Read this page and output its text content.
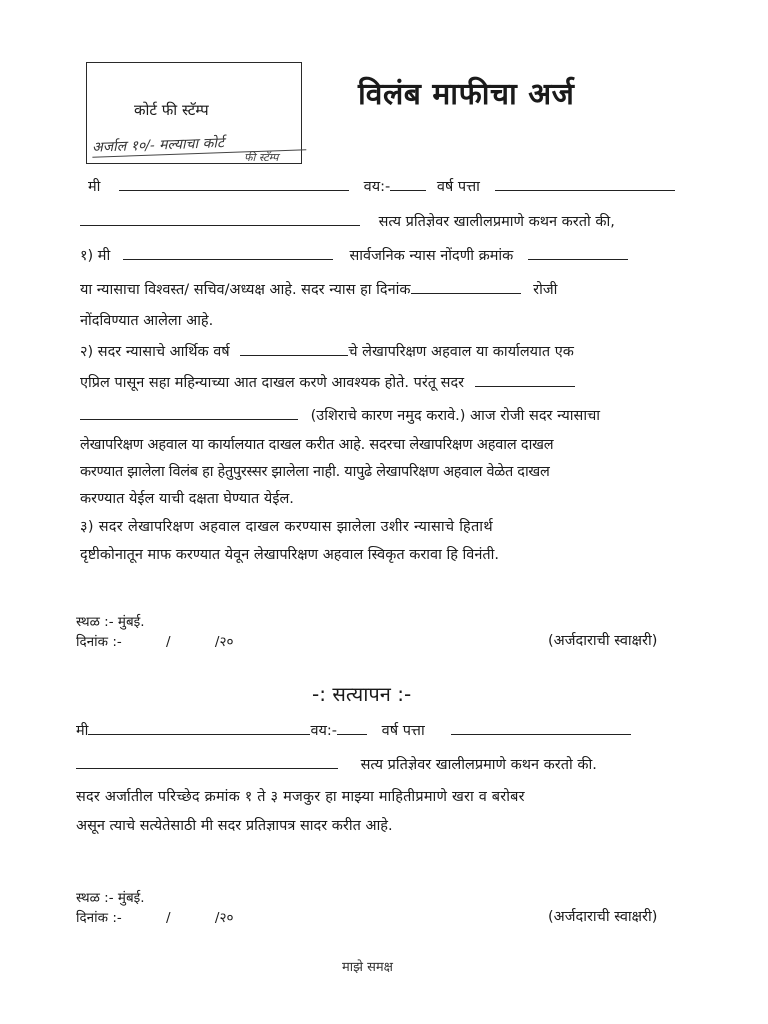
कोर्ट फी स्टॅम्प
अर्जाल १०/- मल्याचा कोर्ट
फी स्टॅम्प
विलंब माफीचा अर्ज
मी	वय:-	वर्ष पत्ता
सत्य प्रतिज्ञेवर खालीलप्रमाणे कथन करतो की,
१) मी	सार्वजनिक न्यास नोंदणी क्रमांक
या न्यासाचा विश्वस्त/ सचिव/अध्यक्ष आहे. सदर न्यास हा दिनांक	रोजी
नोंदविण्यात आलेला आहे.
२) सदर न्यासाचे आर्थिक वर्ष	चे लेखापरिक्षण अहवाल या कार्यालयात एक
एप्रिल पासून सहा महिन्याच्या आत दाखल करणे आवश्यक होते. परंतू सदर
(उशिराचे कारण नमुद करावे.) आज रोजी सदर न्यासाचा
लेखापरिक्षण अहवाल या कार्यालयात दाखल करीत आहे. सदरचा लेखापरिक्षण अहवाल दाखल
करण्यात झालेला विलंब हा हेतुपुरस्सर झालेला नाही. यापुढे लेखापरिक्षण अहवाल वेळेत दाखल
करण्यात येईल याची दक्षता घेण्यात येईल.
३) सदर लेखापरिक्षण अहवाल दाखल करण्यास झालेला उशीर न्यासाचे हितार्थ
दृष्टीकोनातून माफ करण्यात येवून लेखापरिक्षण अहवाल स्विकृत करावा हि विनंती.
स्थळ :- मुंबई.
दिनांक :-	/	/२०	(अर्जदाराची स्वाक्षरी)
-: सत्यापन :-
मी	वय:-	वर्ष पत्ता
सत्य प्रतिज्ञेवर खालीलप्रमाणे कथन करतो की.
सदर अर्जातील परिच्छेद क्रमांक १ ते ३ मजकुर हा माझ्या माहितीप्रमाणे खरा व बरोबर
असून त्याचे सत्येतेसाठी मी सदर प्रतिज्ञापत्र सादर करीत आहे.
स्थळ :- मुंबई.
दिनांक :-	/	/२०	(अर्जदाराची स्वाक्षरी)
माझे समक्ष
